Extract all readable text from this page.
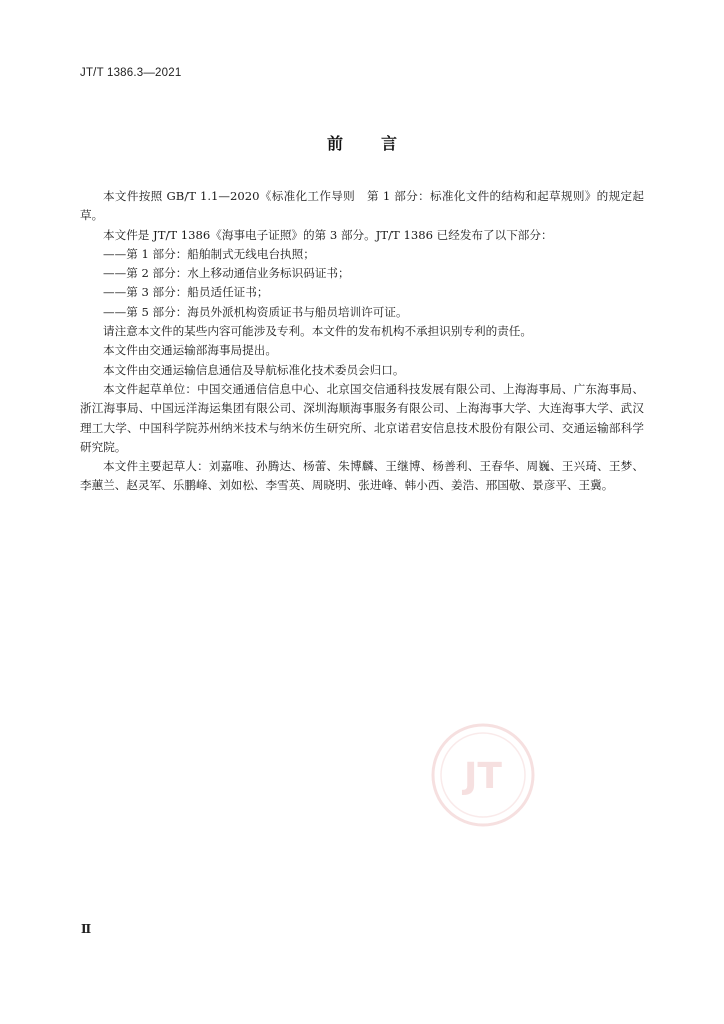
JT/T 1386.3—2021
前 言

本文件按照 GB/T 1.1—2020《标准化工作导则　第 1 部分：标准化文件的结构和起草规则》的规定起草。

本文件是 JT/T 1386《海事电子证照》的第 3 部分。JT/T 1386 已经发布了以下部分：

——第 1 部分：船舶制式无线电台执照；

——第 2 部分：水上移动通信业务标识码证书；

——第 3 部分：船员适任证书；

——第 5 部分：海员外派机构资质证书与船员培训许可证。

请注意本文件的某些内容可能涉及专利。本文件的发布机构不承担识别专利的责任。

本文件由交通运输部海事局提出。

本文件由交通运输信息通信及导航标准化技术委员会归口。

本文件起草单位：中国交通通信信息中心、北京国交信通科技发展有限公司、上海海事局、广东海事局、浙江海事局、中国远洋海运集团有限公司、深圳海顺海事服务有限公司、上海海事大学、大连海事大学、武汉理工大学、中国科学院苏州纳米技术与纳米仿生研究所、北京诺君安信息技术股份有限公司、交通运输部科学研究院。

本文件主要起草人：刘嘉唯、孙腾达、杨蕾、朱博麟、王继博、杨善利、王春华、周巍、王兴琦、王梦、李蕙兰、赵灵军、乐鹏峰、刘如松、李雪英、周晓明、张进峰、韩小西、姜浩、邢国敬、景彦平、王冀。

JT
Ⅱ
